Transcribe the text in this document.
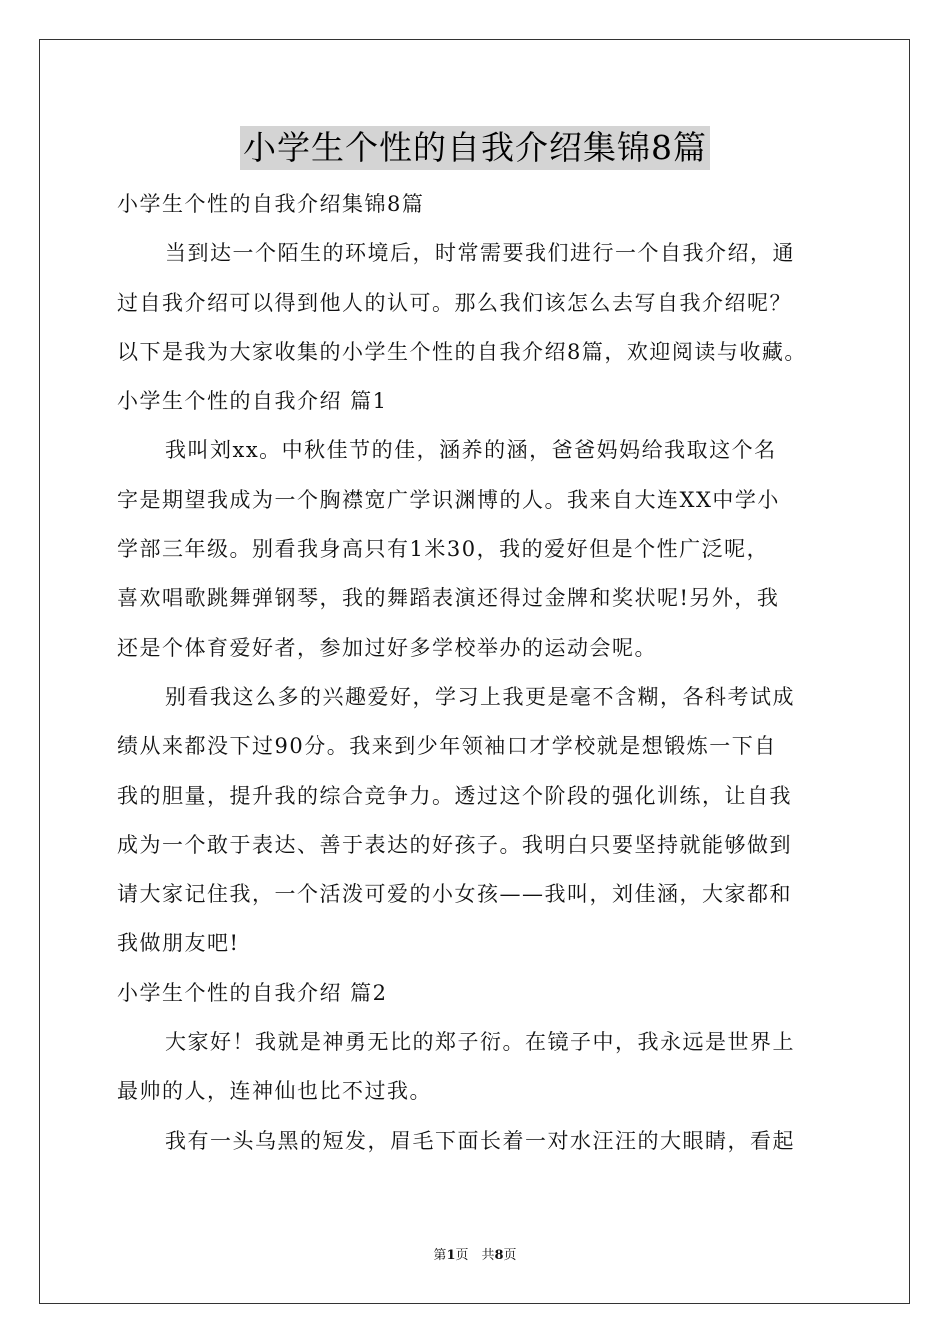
小学生个性的自我介绍集锦8篇
小学生个性的自我介绍集锦8篇
当到达一个陌生的环境后，时常需要我们进行一个自我介绍，通
过自我介绍可以得到他人的认可。那么我们该怎么去写自我介绍呢？
以下是我为大家收集的小学生个性的自我介绍8篇，欢迎阅读与收藏。
小学生个性的自我介绍 篇1
我叫刘xx。中秋佳节的佳，涵养的涵，爸爸妈妈给我取这个名
字是期望我成为一个胸襟宽广学识渊博的人。我来自大连XX中学小
学部三年级。别看我身高只有1米30，我的爱好但是个性广泛呢，
喜欢唱歌跳舞弹钢琴，我的舞蹈表演还得过金牌和奖状呢!另外，我
还是个体育爱好者，参加过好多学校举办的运动会呢。
别看我这么多的兴趣爱好，学习上我更是毫不含糊，各科考试成
绩从来都没下过90分。我来到少年领袖口才学校就是想锻炼一下自
我的胆量，提升我的综合竞争力。透过这个阶段的强化训练，让自我
成为一个敢于表达、善于表达的好孩子。我明白只要坚持就能够做到
请大家记住我，一个活泼可爱的小女孩——我叫，刘佳涵，大家都和
我做朋友吧!
小学生个性的自我介绍 篇2
大家好！我就是神勇无比的郑子衍。在镜子中，我永远是世界上
最帅的人，连神仙也比不过我。
我有一头乌黑的短发，眉毛下面长着一对水汪汪的大眼睛，看起
第1页　共8页
